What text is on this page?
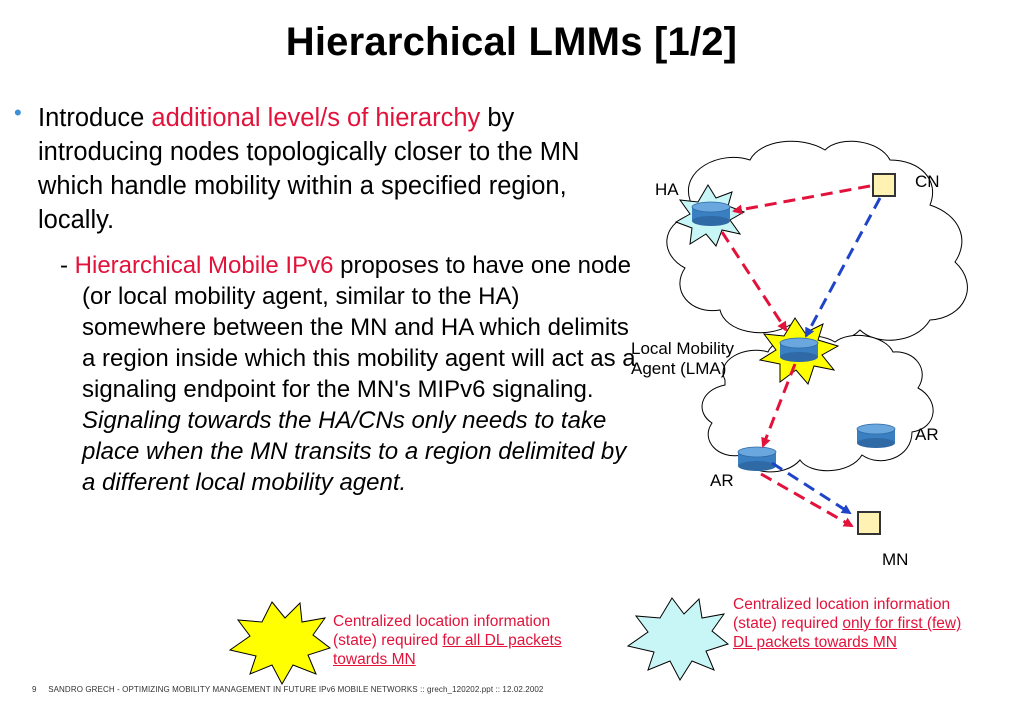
Hierarchical LMMs [1/2]
• Introduce additional level/s of hierarchy by introducing nodes topologically closer to the MN which handle mobility within a specified region, locally.
- Hierarchical Mobile IPv6 proposes to have one node (or local mobility agent, similar to the HA) somewhere between the MN and HA which delimits a region inside which this mobility agent will act as a signaling endpoint for the MN's MIPv6 signaling. Signaling towards the HA/CNs only needs to take place when the MN transits to a region delimited by a different local mobility agent.
HA	CN
Local Mobility
Agent (LMA)
AR
AR
MN
Centralized location information (state) required for all DL packets towards MN
Centralized location information (state) required only for first (few) DL packets towards MN
9 SANDRO GRECH - OPTIMIZING MOBILITY MANAGEMENT IN FUTURE IPv6 MOBILE NETWORKS :: grech_120202.ppt :: 12.02.2002
